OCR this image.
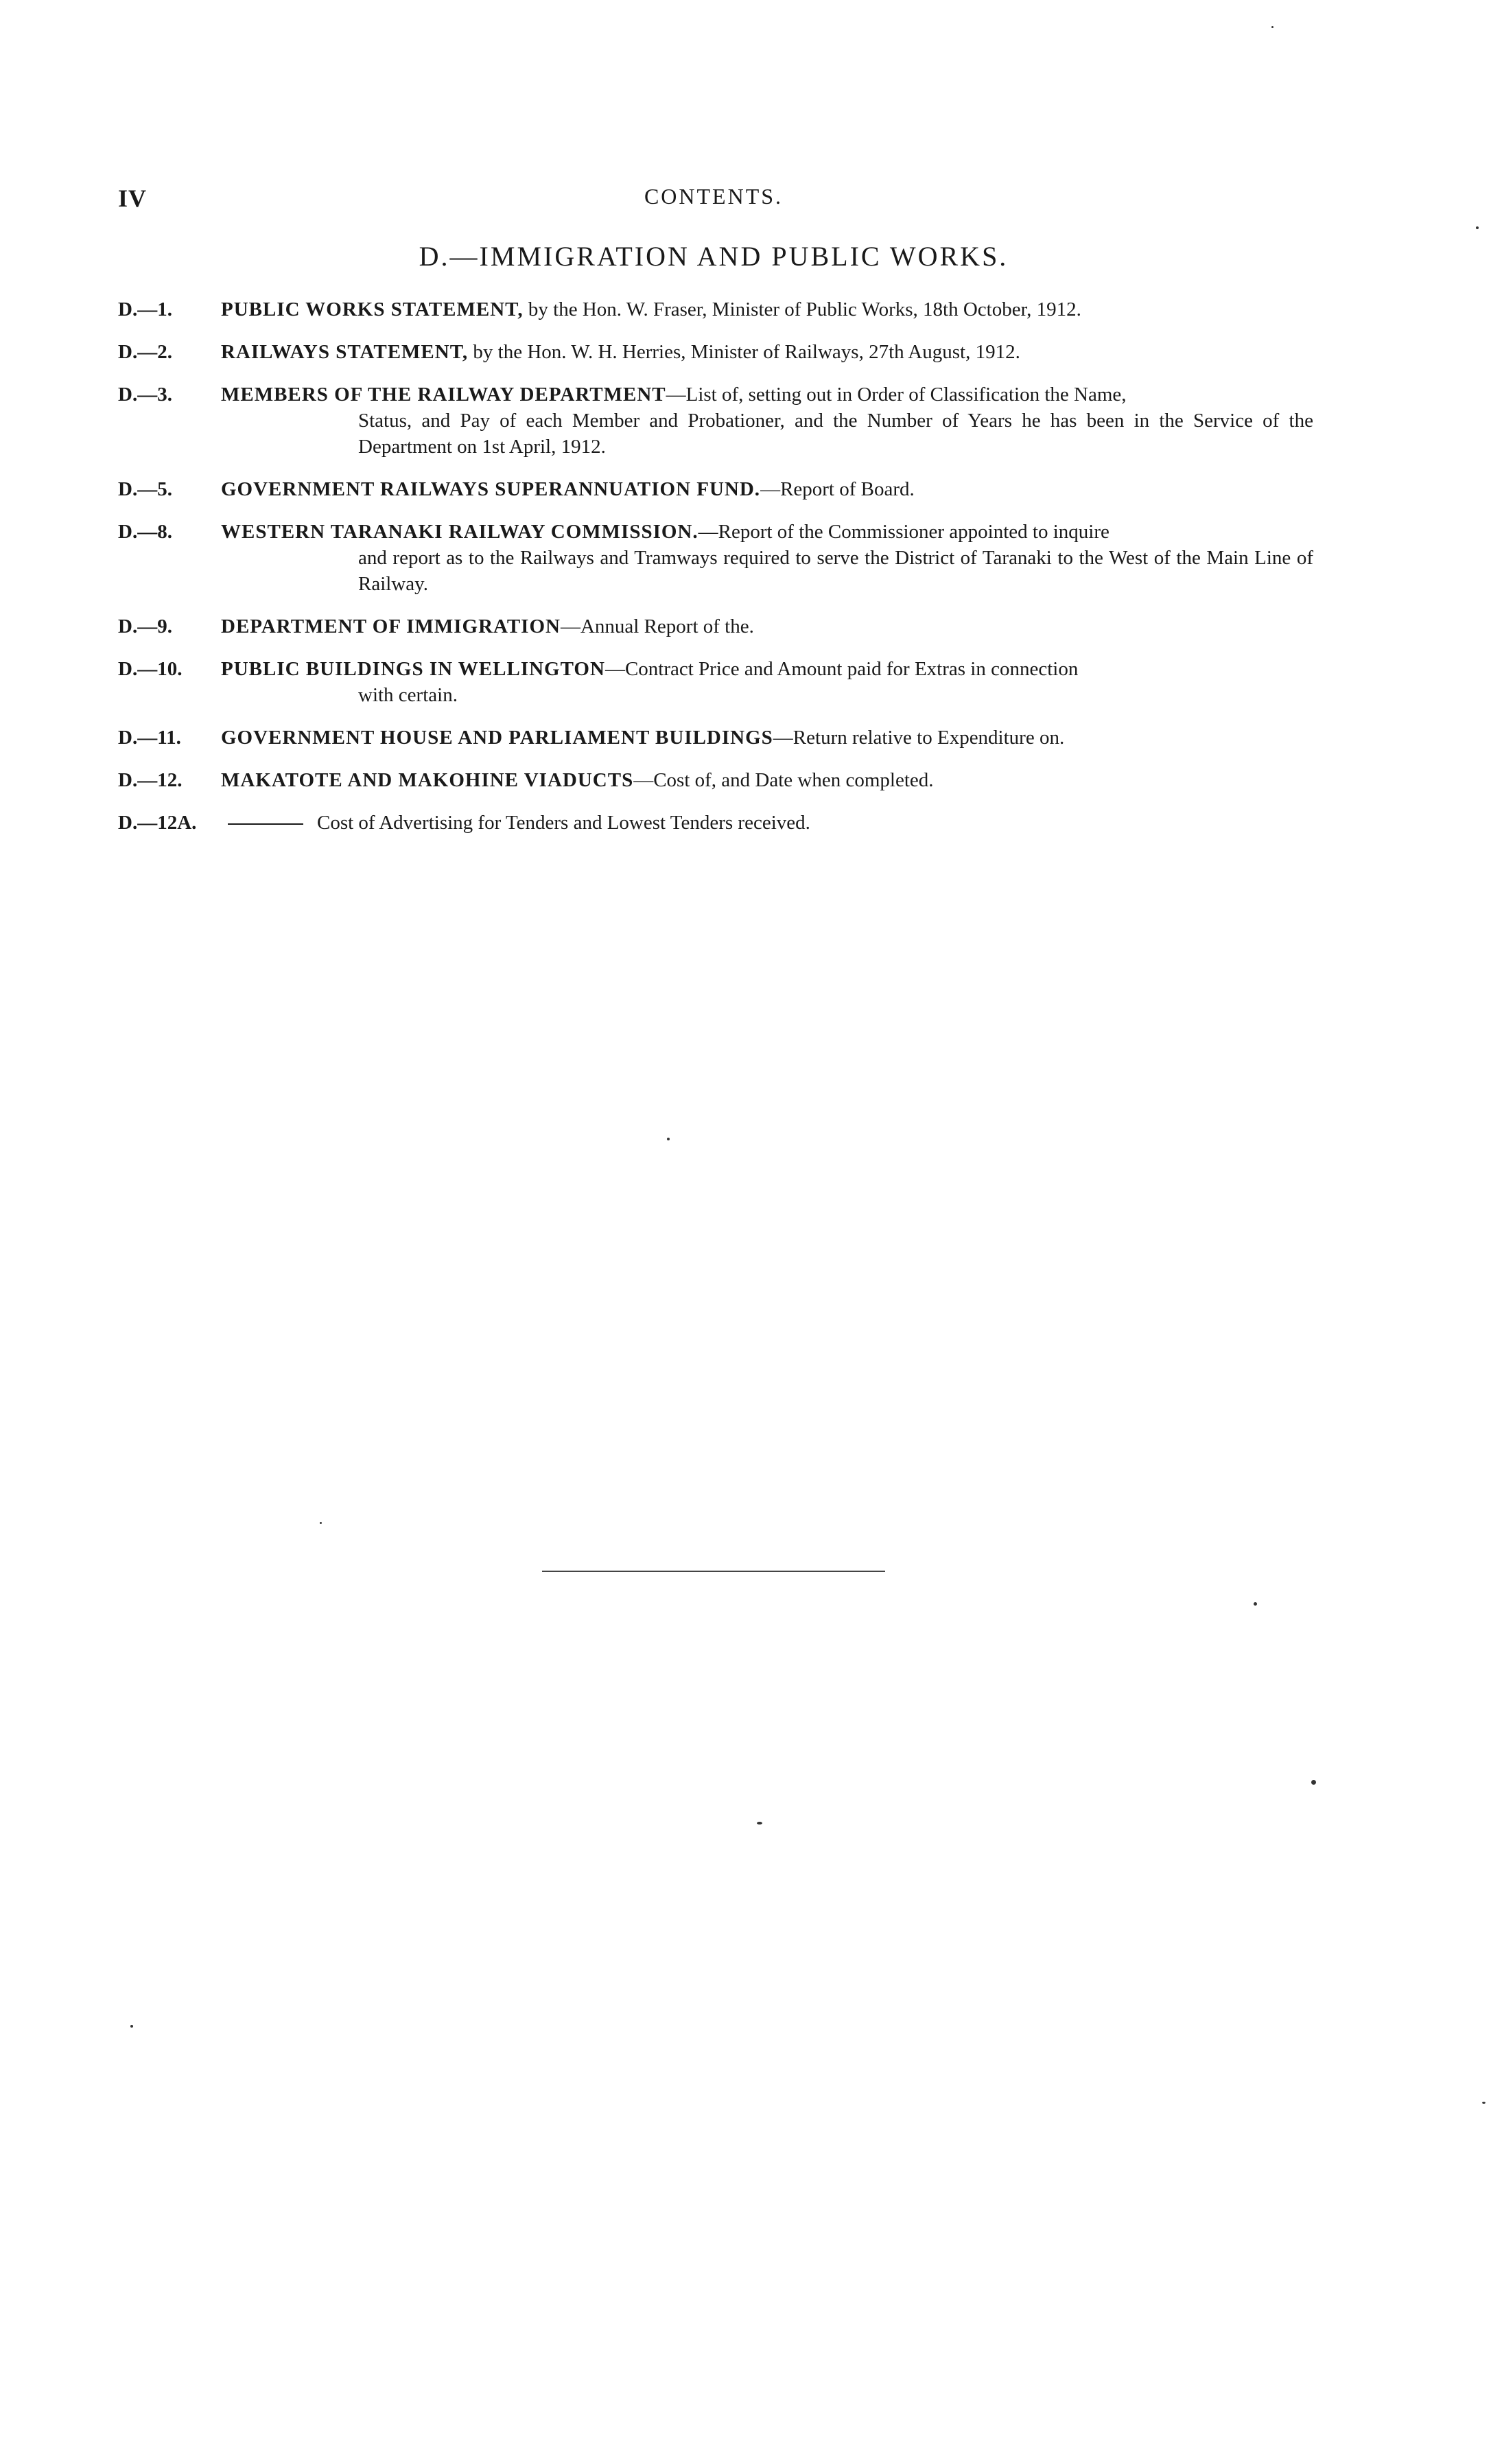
IV	CONTENTS.
D.—IMMIGRATION AND PUBLIC WORKS.
D.—1. PUBLIC WORKS STATEMENT, by the Hon. W. Fraser, Minister of Public Works, 18th October, 1912.
D.—2. RAILWAYS STATEMENT, by the Hon. W. H. Herries, Minister of Railways, 27th August, 1912.
D.—3. MEMBERS OF THE RAILWAY DEPARTMENT—List of, setting out in Order of Classification the Name,
Status, and Pay of each Member and Probationer, and the Number of Years he has been in the Service of the Department on 1st April, 1912.
D.—5. GOVERNMENT RAILWAYS SUPERANNUATION FUND.—Report of Board.
D.—8. WESTERN TARANAKI RAILWAY COMMISSION.—Report of the Commissioner appointed to inquire
and report as to the Railways and Tramways required to serve the District of Taranaki to the West of the Main Line of Railway.
D.—9. DEPARTMENT OF IMMIGRATION—Annual Report of the.
D.—10. PUBLIC BUILDINGS IN WELLINGTON—Contract Price and Amount paid for Extras in connection
with certain.
D.—11. GOVERNMENT HOUSE AND PARLIAMENT BUILDINGS—Return relative to Expenditure on.
D.—12. MAKATOTE AND MAKOHINE VIADUCTS—Cost of, and Date when completed.
D.—12A.	Cost of Advertising for Tenders and Lowest Tenders received.
